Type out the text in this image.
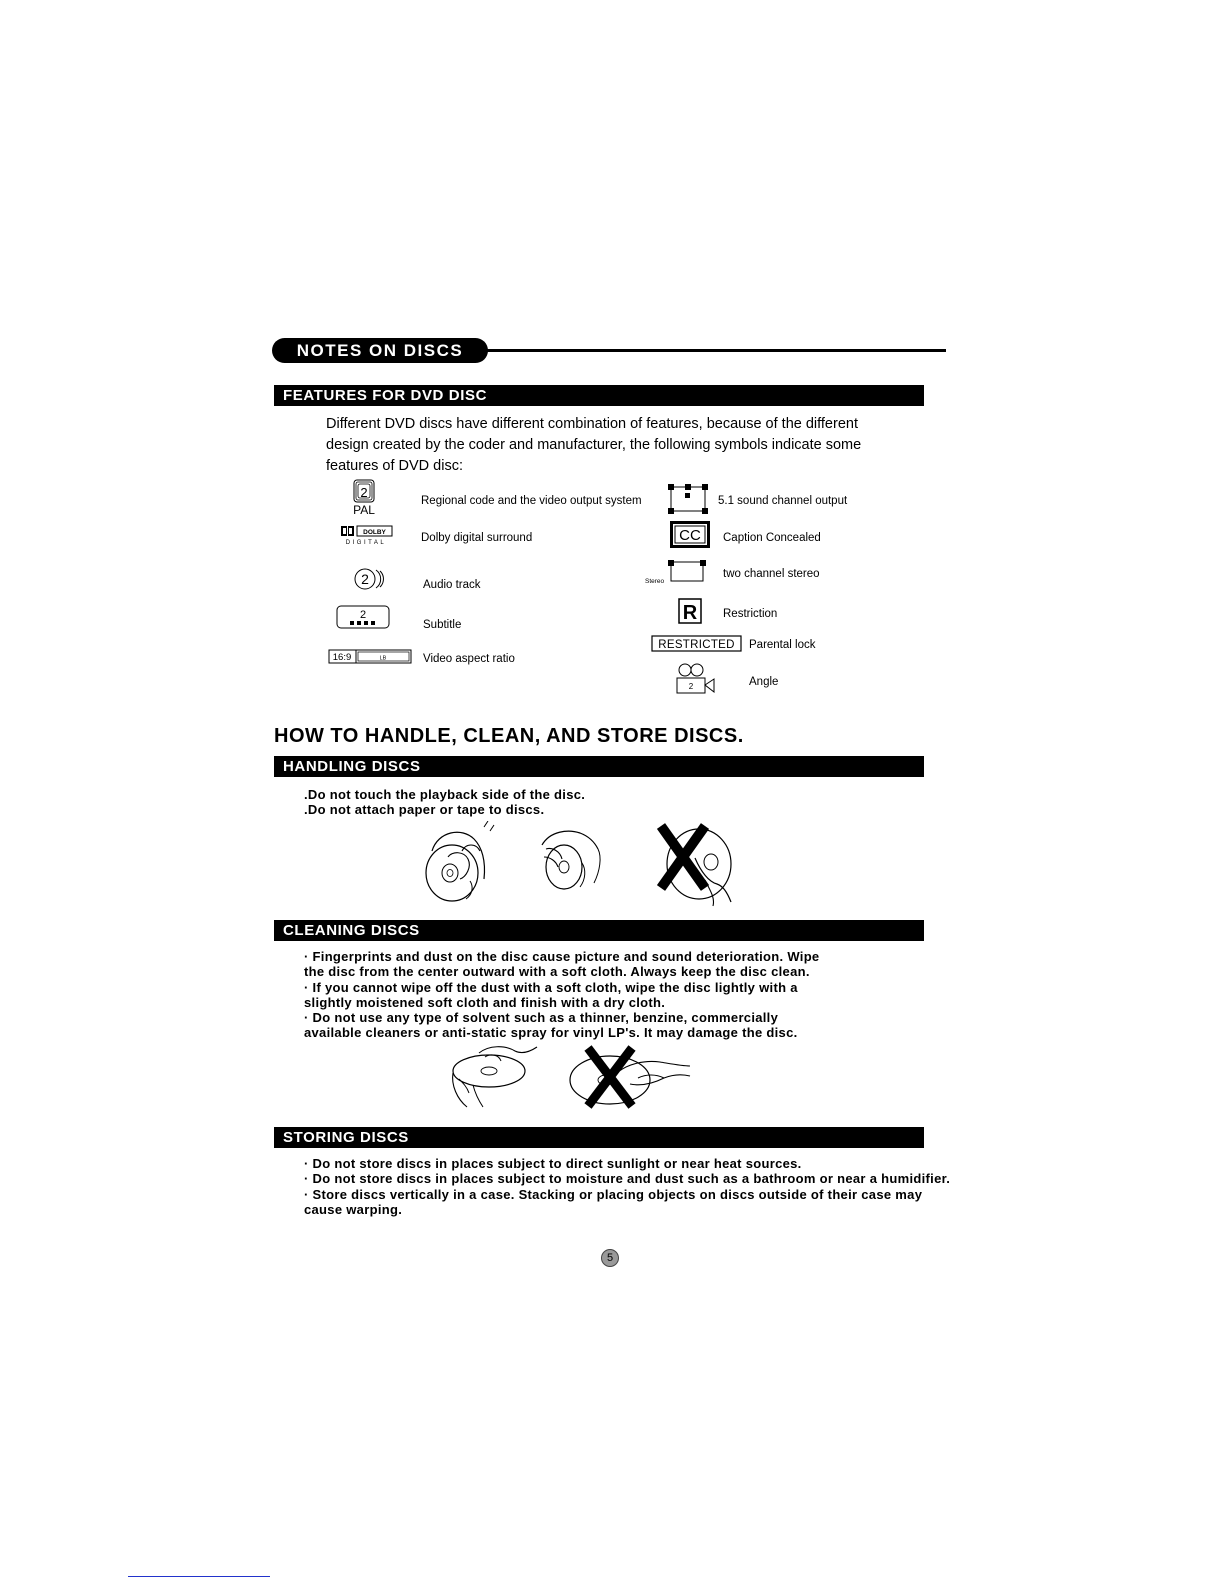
NOTES ON DISCS
FEATURES FOR DVD DISC
Different DVD discs have different combination of features, because of the different design created by the coder and manufacturer, the following symbols indicate some features of DVD disc:
2
PAL
DOLBY
DIGITAL
2
2
16:9	LB
Regional code and the video output system
Dolby digital surround
Audio track
Subtitle
Video aspect ratio
CC
Stereo
R
RESTRICTED
2
5.1 sound channel output
Caption Concealed
two channel stereo
Restriction
Parental lock
Angle
HOW TO HANDLE, CLEAN, AND STORE DISCS.
HANDLING DISCS
.Do not touch the playback side of the disc.
.Do not attach paper or tape to discs.
CLEANING DISCS
· Fingerprints and dust on the disc cause picture and sound deterioration. Wipe
the disc from the center outward with a soft cloth. Always keep the disc clean.
· If you cannot wipe off the dust with a soft cloth, wipe the disc lightly with a
slightly moistened soft cloth and finish with a dry cloth.
· Do not use any type of solvent such as a thinner, benzine, commercially
available cleaners or anti-static spray for vinyl LP's. It may damage the disc.
STORING DISCS
· Do not store discs in places subject to direct sunlight or near heat sources.
· Do not store discs in places subject to moisture and dust such as a bathroom or near a humidifier.
· Store discs vertically in a case. Stacking or placing objects on discs outside of their case may
cause warping.
5
